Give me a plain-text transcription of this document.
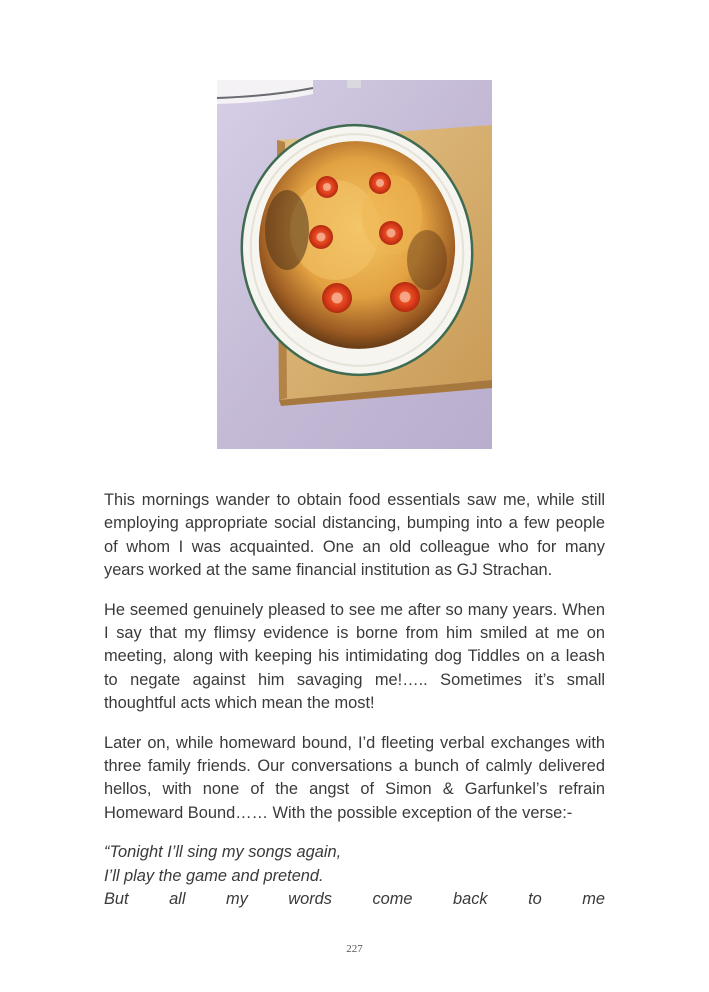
This mornings wander to obtain food essentials saw me, while still employing appropriate social distancing, bumping into a few people of whom I was acquainted. One an old colleague who for many years worked at the same financial institution as GJ Strachan.

He seemed genuinely pleased to see me after so many years. When I say that my flimsy evidence is borne from him smiled at me on meeting, along with keeping his intimidating dog Tiddles on a leash to negate against him savaging me!….. Sometimes it’s small thoughtful acts which mean the most!

Later on, while homeward bound, I’d fleeting verbal exchanges with three family friends. Our conversations a bunch of calmly delivered hellos, with none of the angst of Simon & Garfunkel’s refrain Homeward Bound…… With the possible exception of the verse:-

“Tonight I’ll sing my songs again,
I’ll play the game and pretend.
But all my words come back to me

227
